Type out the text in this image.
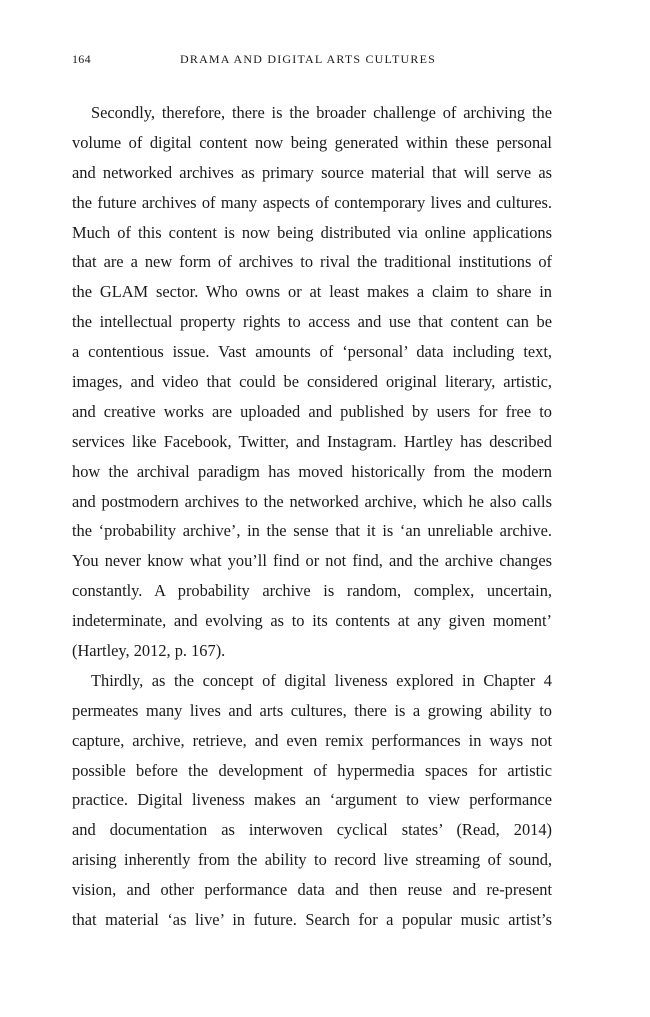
164	DRAMA AND DIGITAL ARTS CULTURES
Secondly, therefore, there is the broader challenge of archiving the
volume of digital content now being generated within these personal
and networked archives as primary source material that will serve as
the future archives of many aspects of contemporary lives and cultures.
Much of this content is now being distributed via online applications
that are a new form of archives to rival the traditional institutions of
the GLAM sector. Who owns or at least makes a claim to share in
the intellectual property rights to access and use that content can be
a contentious issue. Vast amounts of ‘personal’ data including text,
images, and video that could be considered original literary, artistic,
and creative works are uploaded and published by users for free to
services like Facebook, Twitter, and Instagram. Hartley has described
how the archival paradigm has moved historically from the modern
and postmodern archives to the networked archive, which he also calls
the ‘probability archive’, in the sense that it is ‘an unreliable archive.
You never know what you’ll find or not find, and the archive changes
constantly. A probability archive is random, complex, uncertain,
indeterminate, and evolving as to its contents at any given moment’
(Hartley, 2012, p. 167).
Thirdly, as the concept of digital liveness explored in Chapter 4
permeates many lives and arts cultures, there is a growing ability to
capture, archive, retrieve, and even remix performances in ways not
possible before the development of hypermedia spaces for artistic
practice. Digital liveness makes an ‘argument to view performance
and documentation as interwoven cyclical states’ (Read, 2014)
arising inherently from the ability to record live streaming of sound,
vision, and other performance data and then reuse and re-present
that material ‘as live’ in future. Search for a popular music artist’s
